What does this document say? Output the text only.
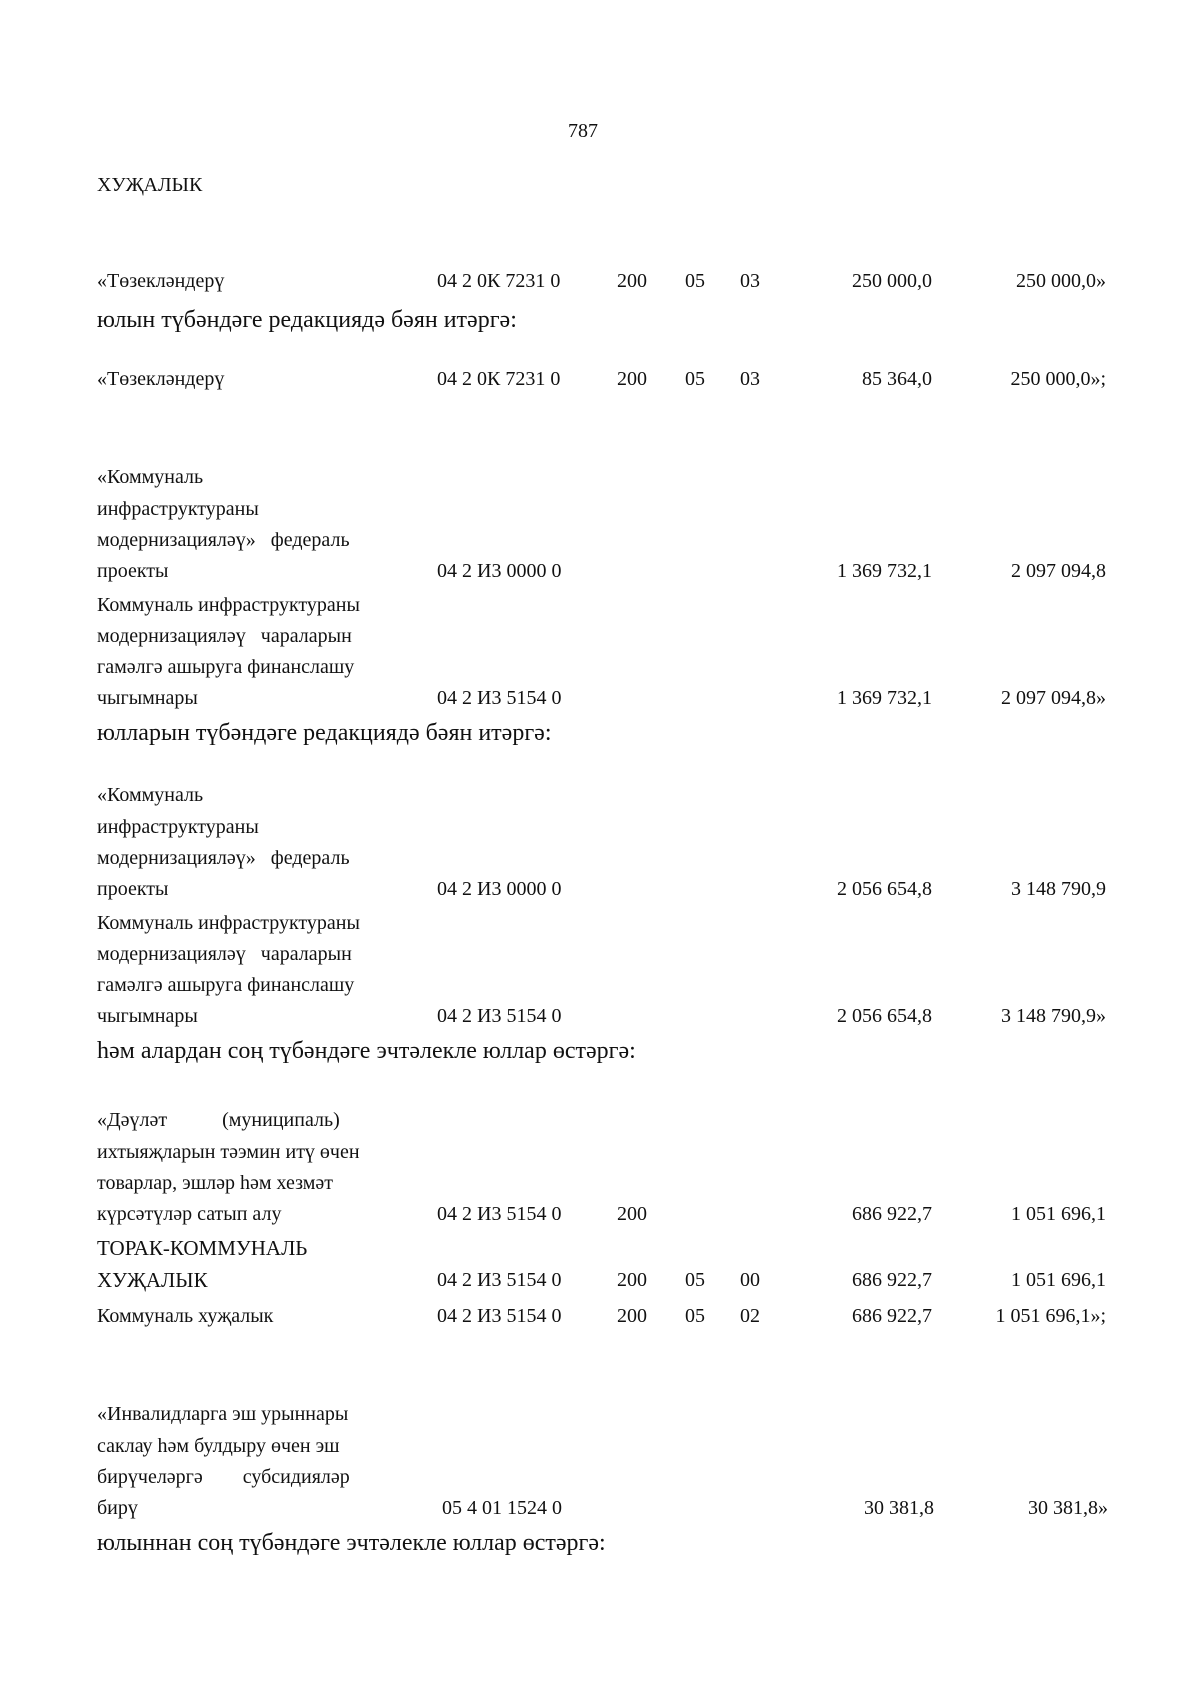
787
ХУҖАЛЫК
«Төзекләндерү	04 2 0К 7231 0	200 05 03	250 000,0	250 000,0»
юлын түбәндәге редакциядә бәян итәргә:
«Төзекләндерү	04 2 0К 7231 0	200 05 03	85 364,0	250 000,0»;
«Коммуналь
инфраструктураны
модернизацияләү»   федераль
проекты	04 2 И3 0000 0	1 369 732,1	2 097 094,8
Коммуналь инфраструктураны
модернизацияләү   чараларын
гамәлгә ашыруга финанслашу
чыгымнары	04 2 И3 5154 0	1 369 732,1	2 097 094,8»
юлларын түбәндәге редакциядә бәян итәргә:
«Коммуналь
инфраструктураны
модернизацияләү»   федераль
проекты	04 2 И3 0000 0	2 056 654,8	3 148 790,9
Коммуналь инфраструктураны
модернизацияләү   чараларын
гамәлгә ашыруга финанслашу
чыгымнары	04 2 И3 5154 0	2 056 654,8	3 148 790,9»
һәм алардан соң түбәндәге эчтәлекле юллар өстәргә:
«Дәүләт           (муниципаль)
ихтыяҗларын тәэмин итү өчен
товарлар, эшләр һәм хезмәт
күрсәтүләр сатып алу	04 2 И3 5154 0	200	686 922,7	1 051 696,1
ТОРАК-КОММУНАЛЬ
ХУҖАЛЫК	04 2 И3 5154 0	200 05 00	686 922,7	1 051 696,1
Коммуналь хуҗалык	04 2 И3 5154 0	200 05 02	686 922,7	1 051 696,1»;
«Инвалидларга эш урыннары
саклау һәм булдыру өчен эш
бирүчеләргә        субсидияләр
бирү	05 4 01 1524 0	30 381,8	30 381,8»
юлыннан соң түбәндәге эчтәлекле юллар өстәргә:
